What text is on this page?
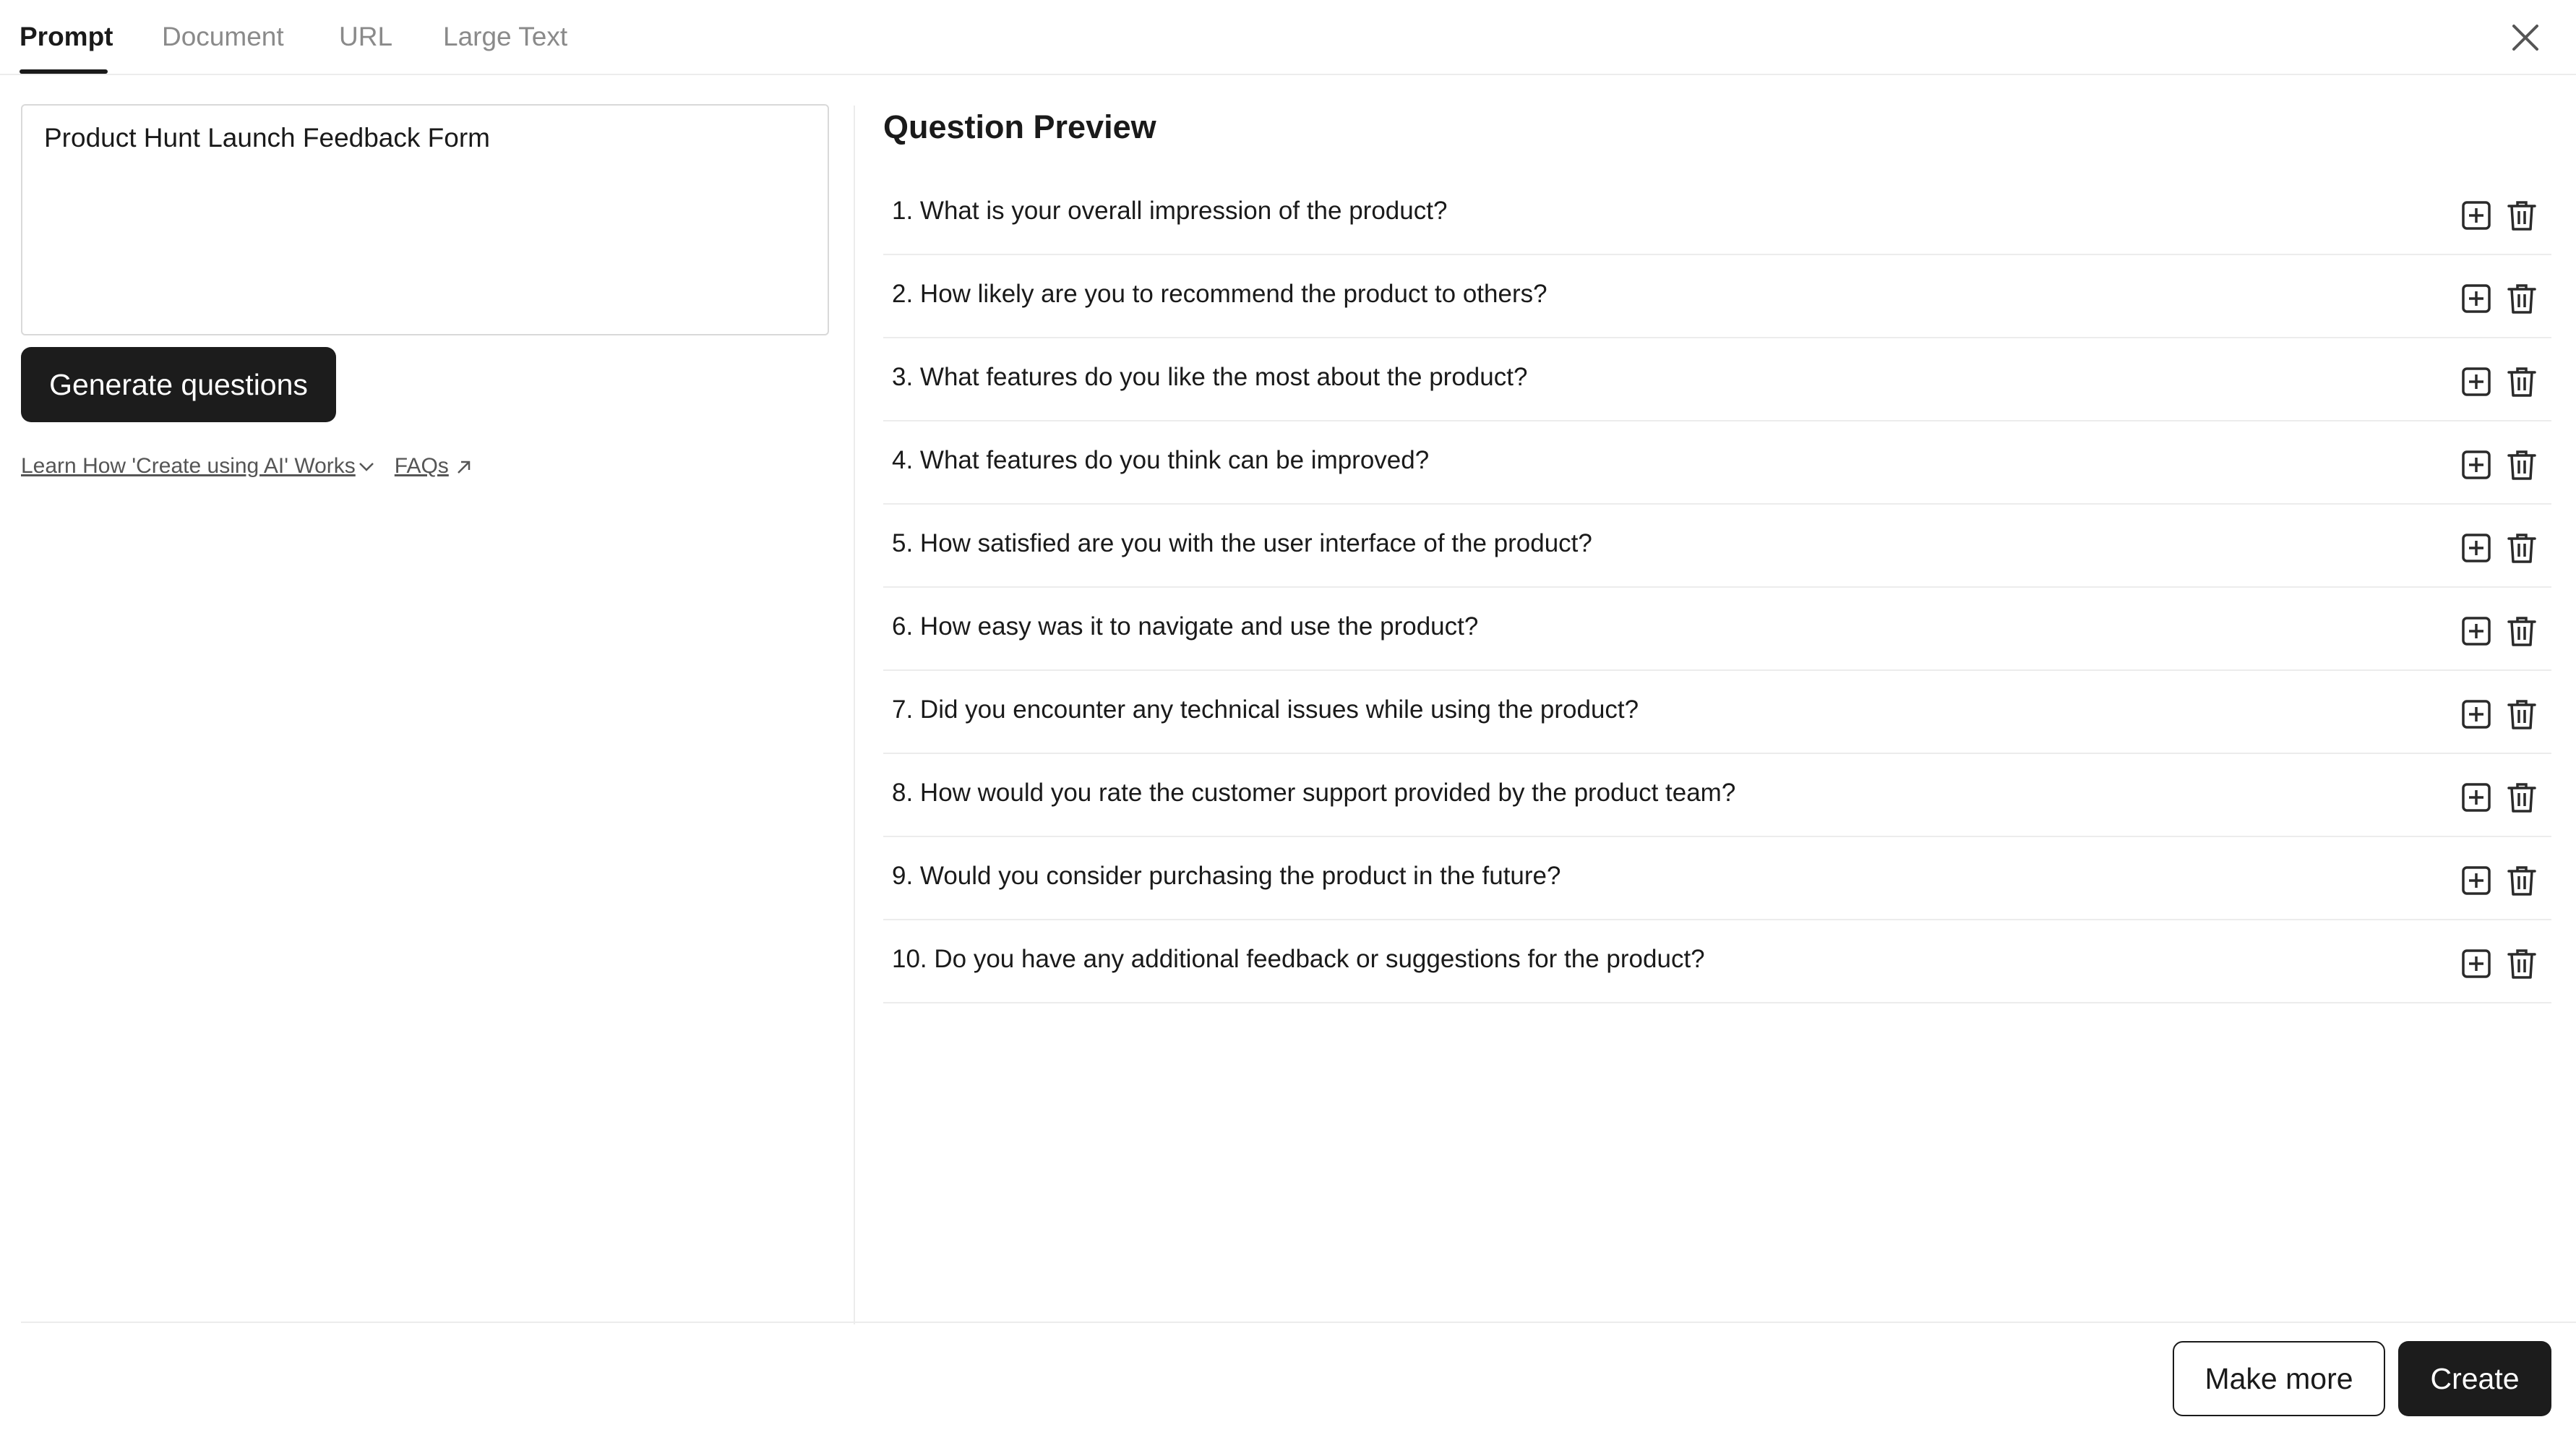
Prompt Document URL Large Text
Product Hunt Launch Feedback Form
Generate questions
Learn How 'Create using AI' Works FAQs
Question Preview
1. What is your overall impression of the product?
2. How likely are you to recommend the product to others?
3. What features do you like the most about the product?
4. What features do you think can be improved?
5. How satisfied are you with the user interface of the product?
6. How easy was it to navigate and use the product?
7. Did you encounter any technical issues while using the product?
8. How would you rate the customer support provided by the product team?
9. Would you consider purchasing the product in the future?
10. Do you have any additional feedback or suggestions for the product?
Make more	Create
